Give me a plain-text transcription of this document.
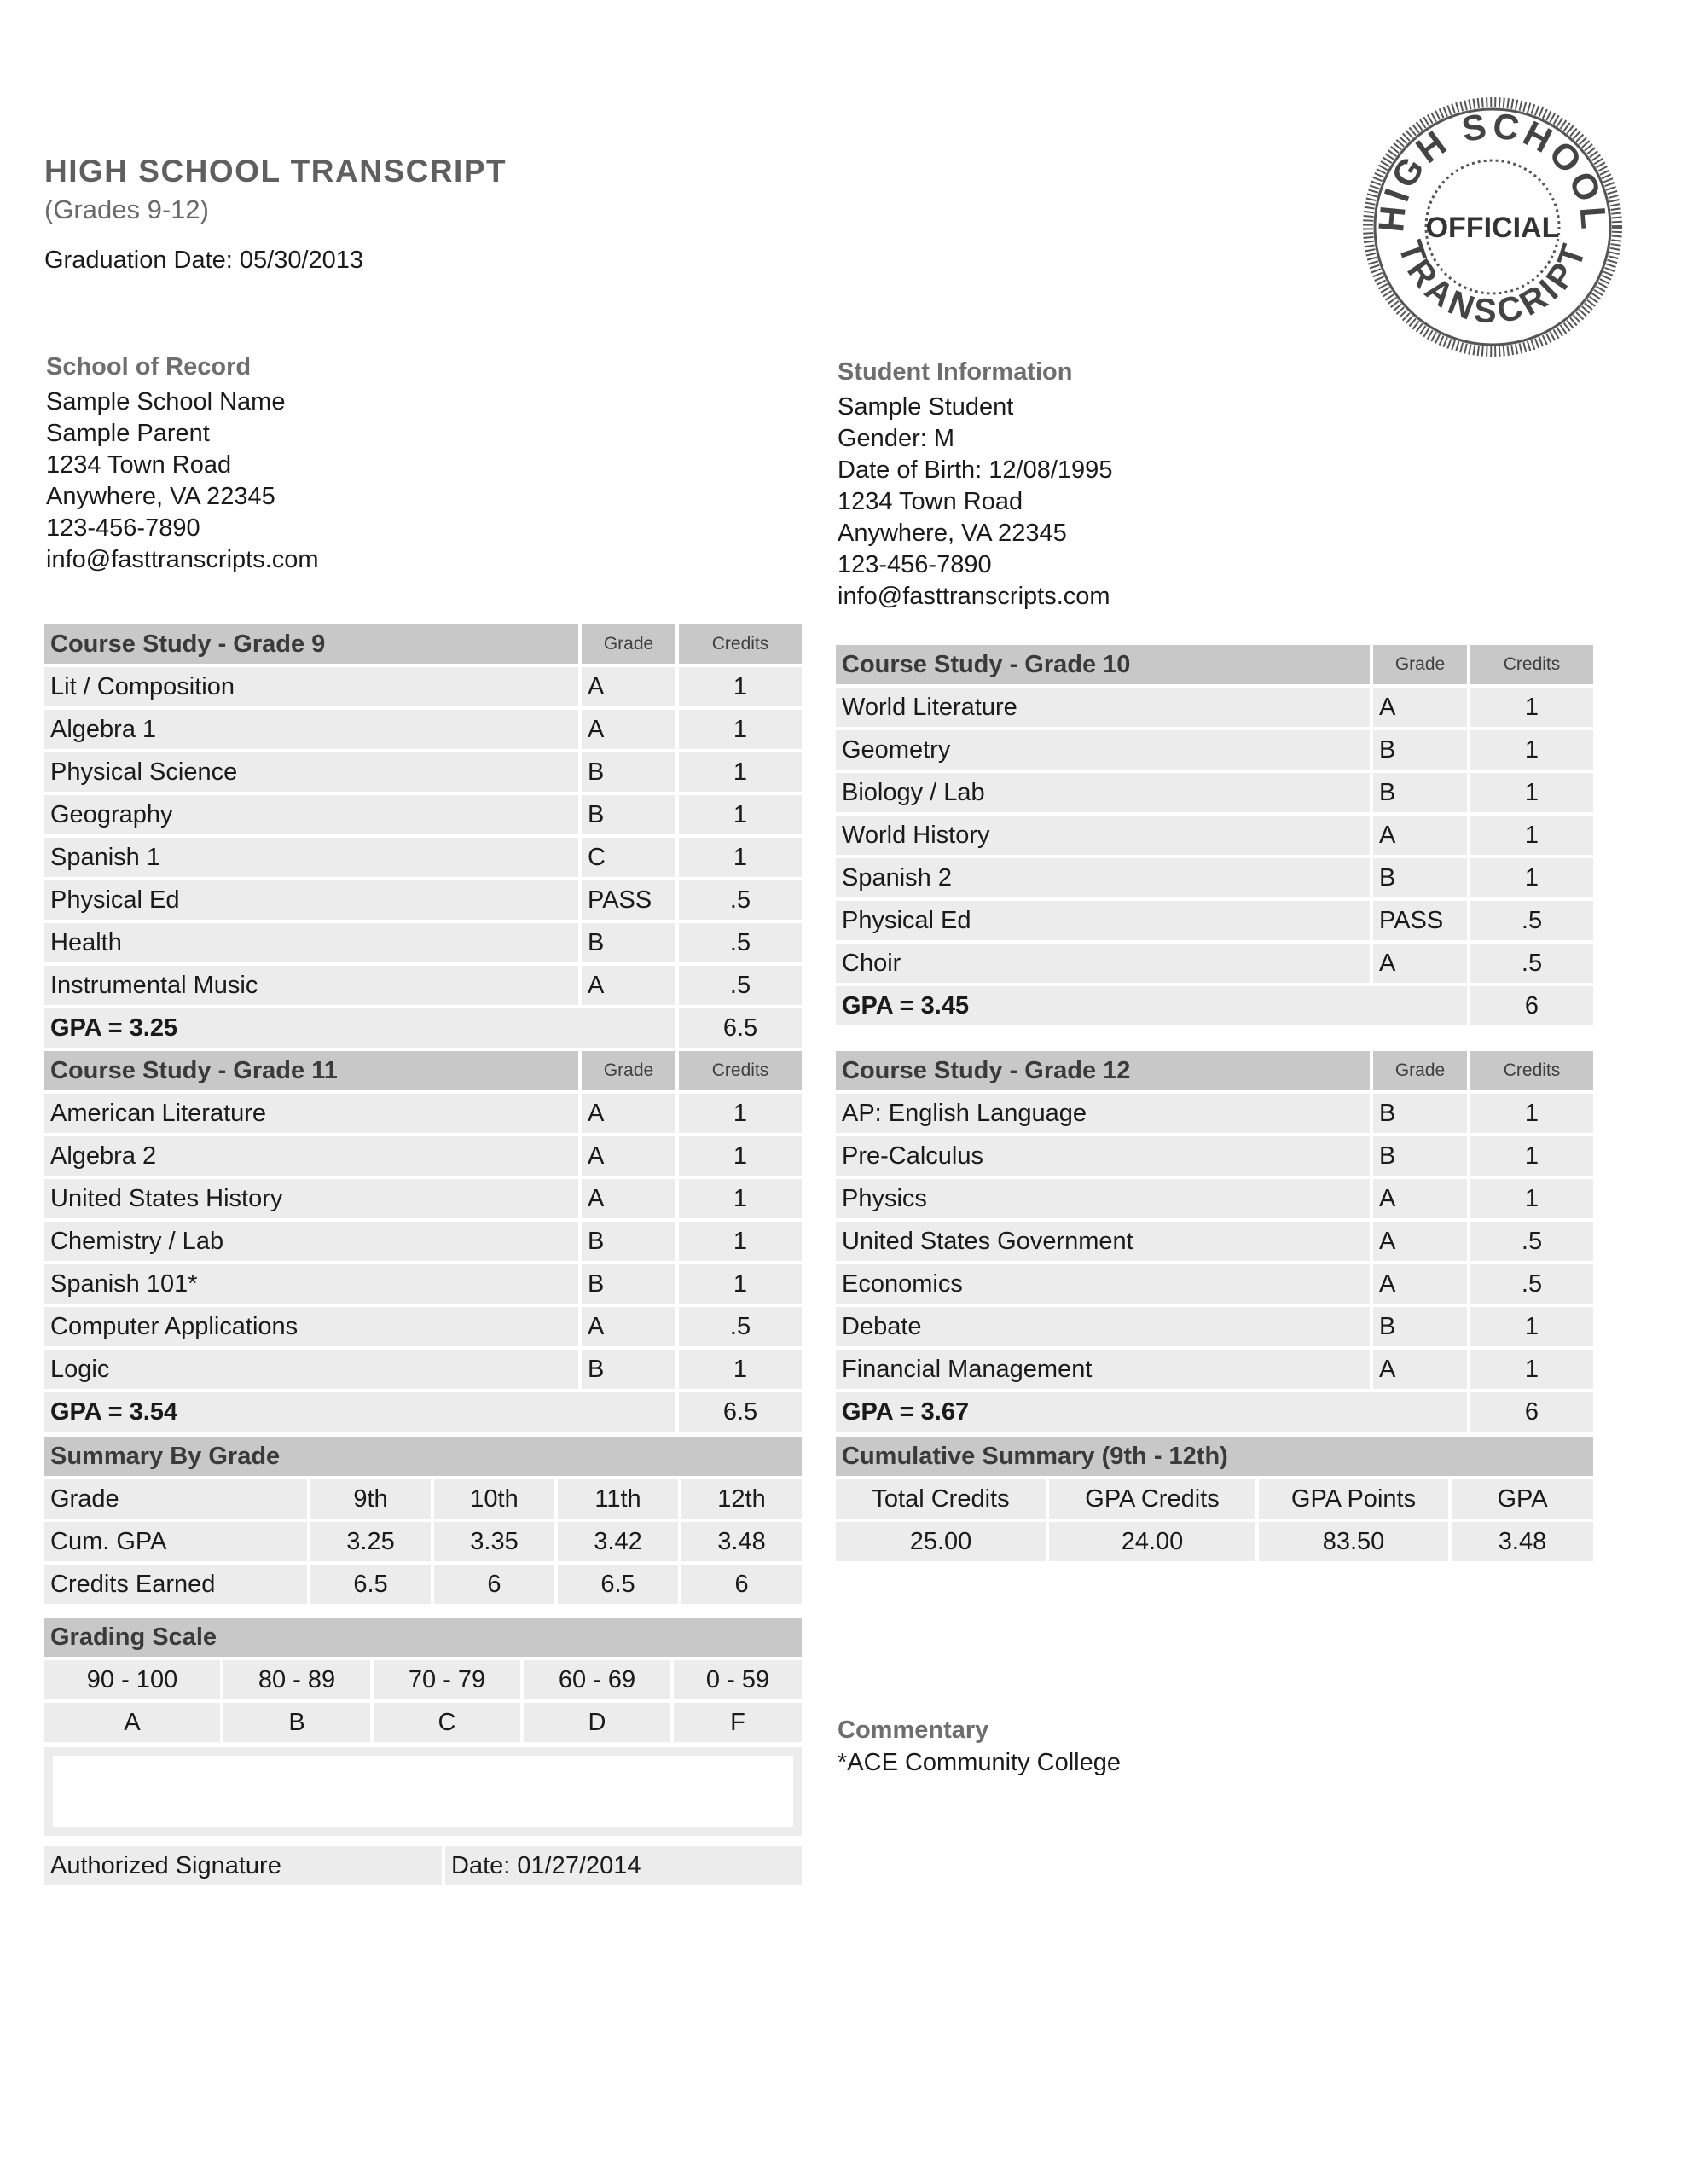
HIGH SCHOOL TRANSCRIPT
(Grades 9-12)
Graduation Date: 05/30/2013
HIGH SCHOOL
TRANSCRIPT
OFFICIAL
School of Record
Sample School Name
Sample Parent
1234 Town Road
Anywhere, VA 22345
123-456-7890
info@fasttranscripts.com
Student Information
Sample Student
Gender: M
Date of Birth: 12/08/1995
1234 Town Road
Anywhere, VA 22345
123-456-7890
info@fasttranscripts.com
Course Study - Grade 9	Grade	Credits
Lit / Composition	A	1
Algebra 1	A	1
Physical Science	B	1
Geography	B	1
Spanish 1	C	1
Physical Ed	PASS	.5
Health	B	.5
Instrumental Music	A	.5
GPA = 3.25		6.5
Course Study - Grade 10	Grade	Credits
World Literature	A	1
Geometry	B	1
Biology / Lab	B	1
World History	A	1
Spanish 2	B	1
Physical Ed	PASS	.5
Choir	A	.5
GPA = 3.45		6
Course Study - Grade 11	Grade	Credits
American Literature	A	1
Algebra 2	A	1
United States History	A	1
Chemistry / Lab	B	1
Spanish 101*	B	1
Computer Applications	A	.5
Logic	B	1
GPA = 3.54		6.5
Course Study - Grade 12	Grade	Credits
AP: English Language	B	1
Pre-Calculus	B	1
Physics	A	1
United States Government	A	.5
Economics	A	.5
Debate	B	1
Financial Management	A	1
GPA = 3.67		6
Summary By Grade				
Grade	9th	10th	11th	12th
Cum. GPA	3.25	3.35	3.42	3.48
Credits Earned	6.5	6	6.5	6
Cumulative Summary (9th - 12th)			
Total Credits	GPA Credits	GPA Points	GPA
25.00	24.00	83.50	3.48
Grading Scale				
90 - 100	80 - 89	70 - 79	60 - 69	0 - 59
A	B	C	D	F
Authorized Signature	Date: 01/27/2014
Commentary
*ACE Community College
